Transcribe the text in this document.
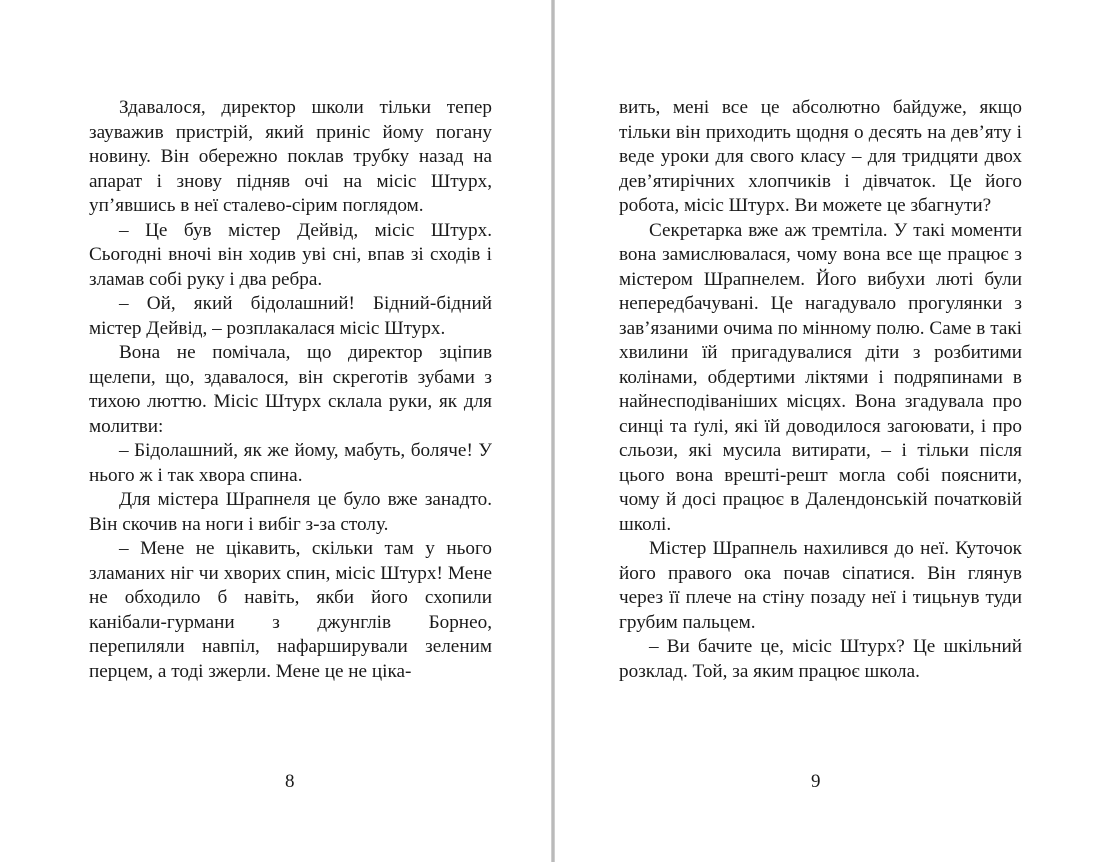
Здавалося, директор школи тільки тепер зауважив пристрій, який приніс йому погану новину. Він обережно поклав трубку назад на апарат і знову підняв очі на місіс Штурх, уп’явшись в неї сталево-сірим поглядом.

– Це був містер Дейвід, місіс Штурх. Сьогодні вночі він ходив уві сні, впав зі сходів і зламав собі руку і два ребра.

– Ой, який бідолашний! Бідний-бідний містер Дейвід, – розплакалася місіс Штурх.

Вона не помічала, що директор зціпив щелепи, що, здавалося, він скреготів зубами з тихою люттю. Місіс Штурх склала руки, як для молитви:

– Бідолашний, як же йому, мабуть, боляче! У нього ж і так хвора спина.

Для містера Шрапнеля це було вже занадто. Він скочив на ноги і вибіг з-за столу.

– Мене не цікавить, скільки там у нього зламаних ніг чи хворих спин, місіс Штурх! Мене не обходило б навіть, якби його схопили канібали-гурмани з джунглів Борнео, перепиляли навпіл, нафарширували зеленим перцем, а тоді зжерли. Мене це не ціка-

8

вить, мені все це абсолютно байдуже, якщо тільки він приходить щодня о десять на дев’яту і веде уроки для свого класу – для тридцяти двох дев’ятирічних хлопчиків і дівчаток. Це його робота, місіс Штурх. Ви можете це збагнути?

Секретарка вже аж тремтіла. У такі моменти вона замислювалася, чому вона все ще працює з містером Шрапнелем. Його вибухи люті були непередбачувані. Це нагадувало прогулянки з зав’язаними очима по мінному полю. Саме в такі хвилини їй пригадувалися діти з розбитими колінами, обдертими ліктями і подряпинами в найнесподіваніших місцях. Вона згадувала про синці та ґулі, які їй доводилося загоювати, і про сльози, які мусила витирати, – і тільки після цього вона врешті-решт могла собі пояснити, чому й досі працює в Далендонській початковій школі.

Містер Шрапнель нахилився до неї. Куточок його правого ока почав сіпатися. Він глянув через її плече на стіну позаду неї і тицьнув туди грубим пальцем.

– Ви бачите це, місіс Штурх? Це шкільний розклад. Той, за яким працює школа.

9
